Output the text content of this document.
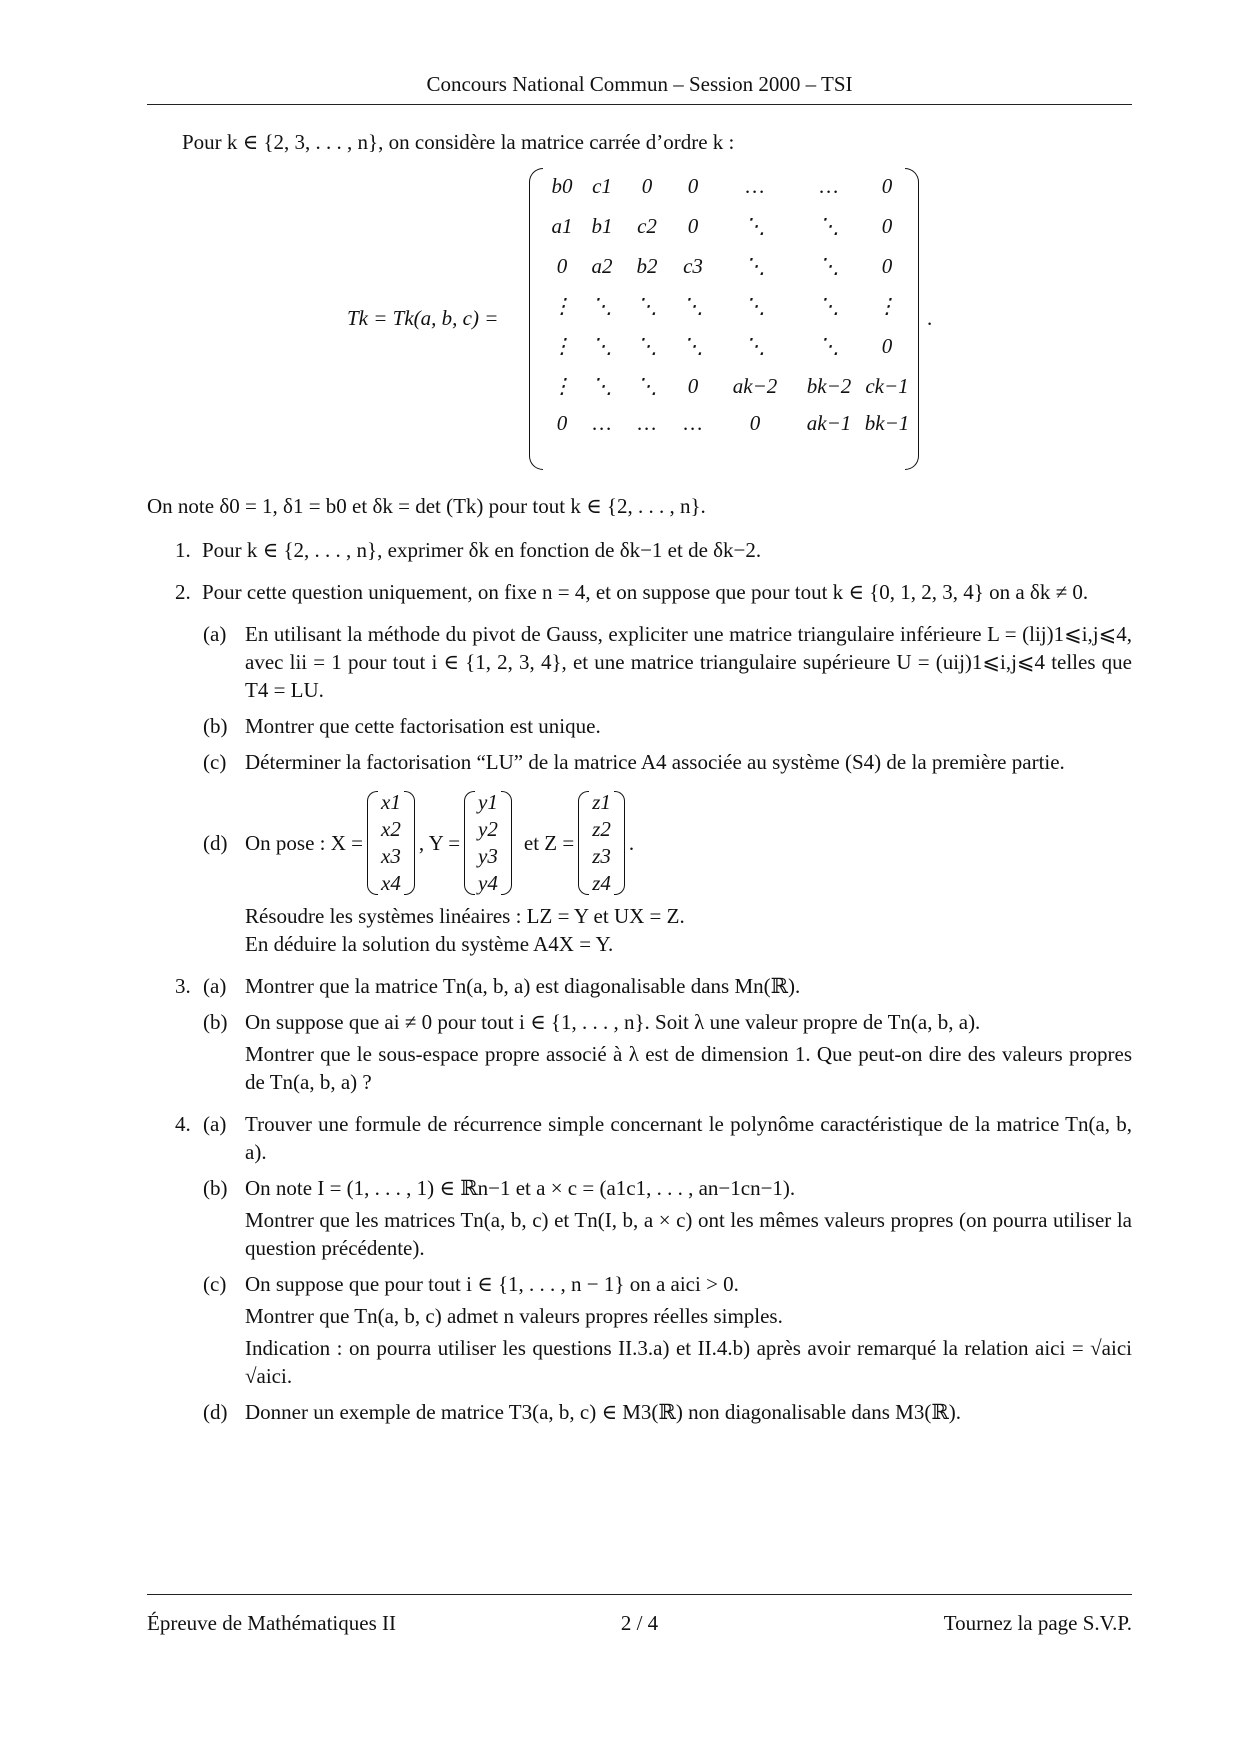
Concours National Commun – Session 2000 – TSI

Pour k ∈ {2, 3, . . . , n}, on considère la matrice carrée d’ordre k :

Tk = Tk(a, b, c) =
b0 c1	0	0	…	…	0
a1 b1	c2	0	⋱	⋱	0
0	a2	b2	c3	⋱	⋱	0
⋮ ⋱	⋱	⋱	⋱	⋱	⋮
⋮ ⋱	⋱	⋱	⋱	⋱	0
⋮ ⋱	⋱	0	ak−2	bk−2 ck−1
0	…	…	…	0	ak−1 bk−1
.

On note δ0 = 1, δ1 = b0 et δk = det (Tk) pour tout k ∈ {2, . . . , n}.

1. Pour k ∈ {2, . . . , n}, exprimer δk en fonction de δk−1 et de δk−2.
2. Pour cette question uniquement, on fixe n = 4, et on suppose que pour tout k ∈ {0, 1, 2, 3, 4} on a δk ≠ 0.
(a) En utilisant la méthode du pivot de Gauss, expliciter une matrice triangulaire inférieure L = (lij)1⩽i,j⩽4, avec lii = 1 pour tout i ∈ {1, 2, 3, 4}, et une matrice triangulaire supérieure U = (uij)1⩽i,j⩽4 telles que T4 = LU.
(b) Montrer que cette factorisation est unique.
(c) Déterminer la factorisation “LU” de la matrice A4 associée au système (S4) de la première partie.
(d) On pose : X =
x1
x2
x3
x4
, Y =
y1
y2
y3
y4
et Z =
z1
z2
z3
z4
.

Résoudre les systèmes linéaires : LZ = Y et UX = Z.

En déduire la solution du système A4X = Y.

3. (a) Montrer que la matrice Tn(a, b, a) est diagonalisable dans Mn(ℝ).
(b) On suppose que ai ≠ 0 pour tout i ∈ {1, . . . , n}. Soit λ une valeur propre de Tn(a, b, a).

Montrer que le sous-espace propre associé à λ est de dimension 1. Que peut-on dire des valeurs propres de Tn(a, b, a) ?

4. (a) Trouver une formule de récurrence simple concernant le polynôme caractéristique de la matrice Tn(a, b, a).
(b) On note I = (1, . . . , 1) ∈ ℝn−1 et a × c = (a1c1, . . . , an−1cn−1).

Montrer que les matrices Tn(a, b, c) et Tn(I, b, a × c) ont les mêmes valeurs propres (on pourra utiliser la question précédente).

(c) On suppose que pour tout i ∈ {1, . . . , n − 1} on a aici > 0.

Montrer que Tn(a, b, c) admet n valeurs propres réelles simples.

Indication : on pourra utiliser les questions II.3.a) et II.4.b) après avoir remarqué la relation aici = √aici √aici.

(d) Donner un exemple de matrice T3(a, b, c) ∈ M3(ℝ) non diagonalisable dans M3(ℝ).
Épreuve de Mathématiques II	2 / 4	Tournez la page S.V.P.
